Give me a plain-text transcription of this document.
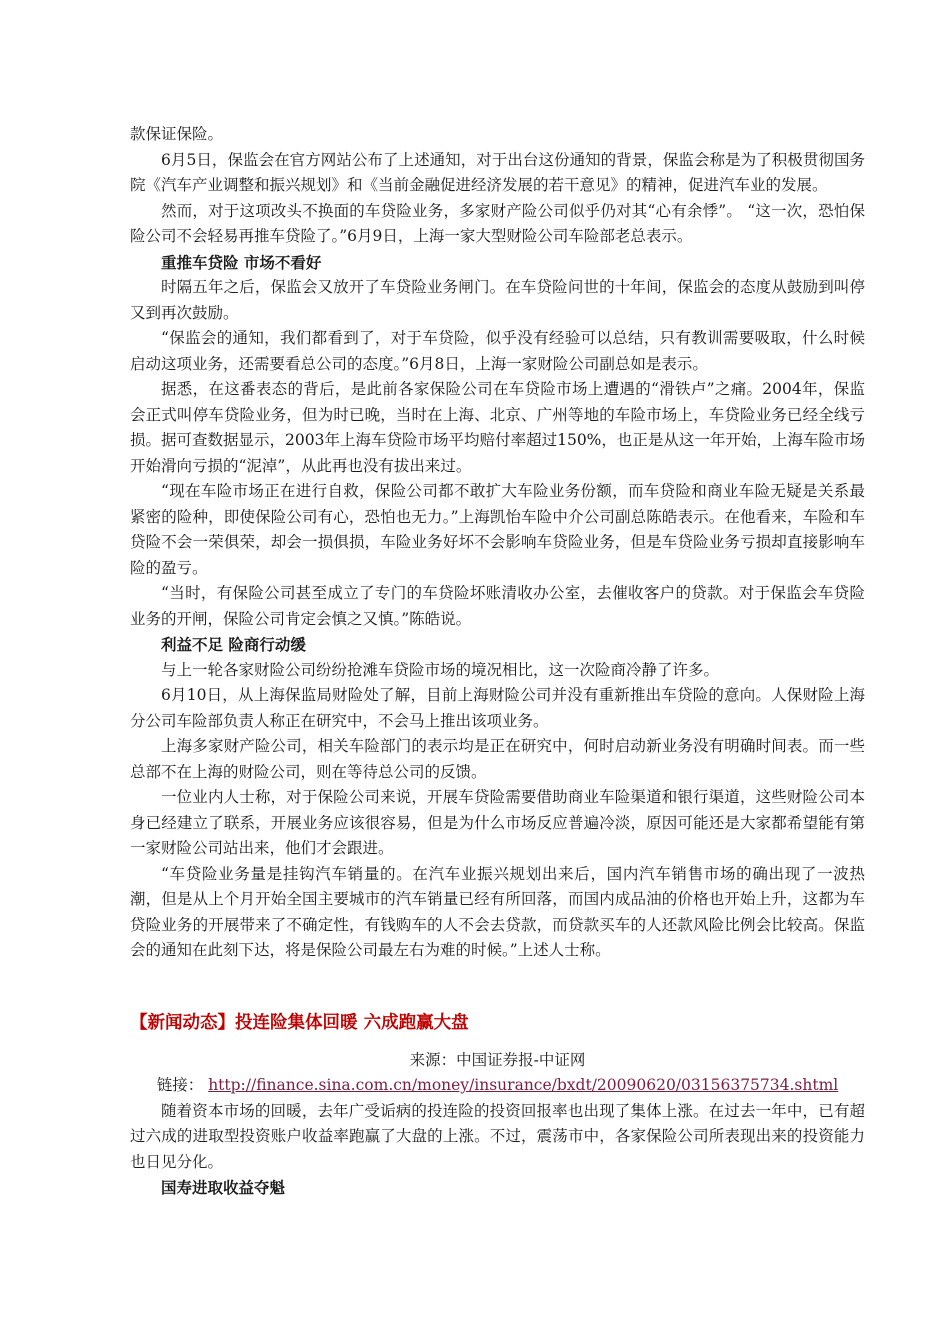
款保证保险。

6月5日，保监会在官方网站公布了上述通知，对于出台这份通知的背景，保监会称是为了积极贯彻国务院《汽车产业调整和振兴规划》和《当前金融促进经济发展的若干意见》的精神，促进汽车业的发展。

然而，对于这项改头不换面的车贷险业务，多家财产险公司似乎仍对其“心有余悸”。 “这一次，恐怕保险公司不会轻易再推车贷险了。”6月9日，上海一家大型财险公司车险部老总表示。

重推车贷险 市场不看好

时隔五年之后，保监会又放开了车贷险业务闸门。在车贷险问世的十年间，保监会的态度从鼓励到叫停又到再次鼓励。

“保监会的通知，我们都看到了，对于车贷险，似乎没有经验可以总结，只有教训需要吸取，什么时候启动这项业务，还需要看总公司的态度。”6月8日，上海一家财险公司副总如是表示。

据悉，在这番表态的背后，是此前各家保险公司在车贷险市场上遭遇的“滑铁卢”之痛。2004年，保监会正式叫停车贷险业务，但为时已晚，当时在上海、北京、广州等地的车险市场上，车贷险业务已经全线亏损。据可查数据显示，2003年上海车贷险市场平均赔付率超过150%，也正是从这一年开始，上海车险市场开始滑向亏损的“泥淖”，从此再也没有拔出来过。

“现在车险市场正在进行自救，保险公司都不敢扩大车险业务份额，而车贷险和商业车险无疑是关系最紧密的险种，即使保险公司有心，恐怕也无力。”上海凯怡车险中介公司副总陈皓表示。在他看来，车险和车贷险不会一荣俱荣，却会一损俱损，车险业务好坏不会影响车贷险业务，但是车贷险业务亏损却直接影响车险的盈亏。

“当时，有保险公司甚至成立了专门的车贷险坏账清收办公室，去催收客户的贷款。对于保监会车贷险业务的开闸，保险公司肯定会慎之又慎。”陈皓说。

利益不足 险商行动缓

与上一轮各家财险公司纷纷抢滩车贷险市场的境况相比，这一次险商冷静了许多。

6月10日，从上海保监局财险处了解，目前上海财险公司并没有重新推出车贷险的意向。人保财险上海分公司车险部负责人称正在研究中，不会马上推出该项业务。

上海多家财产险公司，相关车险部门的表示均是正在研究中，何时启动新业务没有明确时间表。而一些总部不在上海的财险公司，则在等待总公司的反馈。

一位业内人士称，对于保险公司来说，开展车贷险需要借助商业车险渠道和银行渠道，这些财险公司本身已经建立了联系，开展业务应该很容易，但是为什么市场反应普遍冷淡，原因可能还是大家都希望能有第一家财险公司站出来，他们才会跟进。

“车贷险业务量是挂钩汽车销量的。在汽车业振兴规划出来后，国内汽车销售市场的确出现了一波热潮，但是从上个月开始全国主要城市的汽车销量已经有所回落，而国内成品油的价格也开始上升，这都为车贷险业务的开展带来了不确定性，有钱购车的人不会去贷款，而贷款买车的人还款风险比例会比较高。保监会的通知在此刻下达，将是保险公司最左右为难的时候。”上述人士称。

【新闻动态】投连险集体回暖 六成跑赢大盘

来源：中国证券报-中证网

链接： http://finance.sina.com.cn/money/insurance/bxdt/20090620/03156375734.shtml

随着资本市场的回暖，去年广受诟病的投连险的投资回报率也出现了集体上涨。在过去一年中，已有超过六成的进取型投资账户收益率跑赢了大盘的上涨。不过，震荡市中，各家保险公司所表现出来的投资能力也日见分化。

国寿进取收益夺魁
